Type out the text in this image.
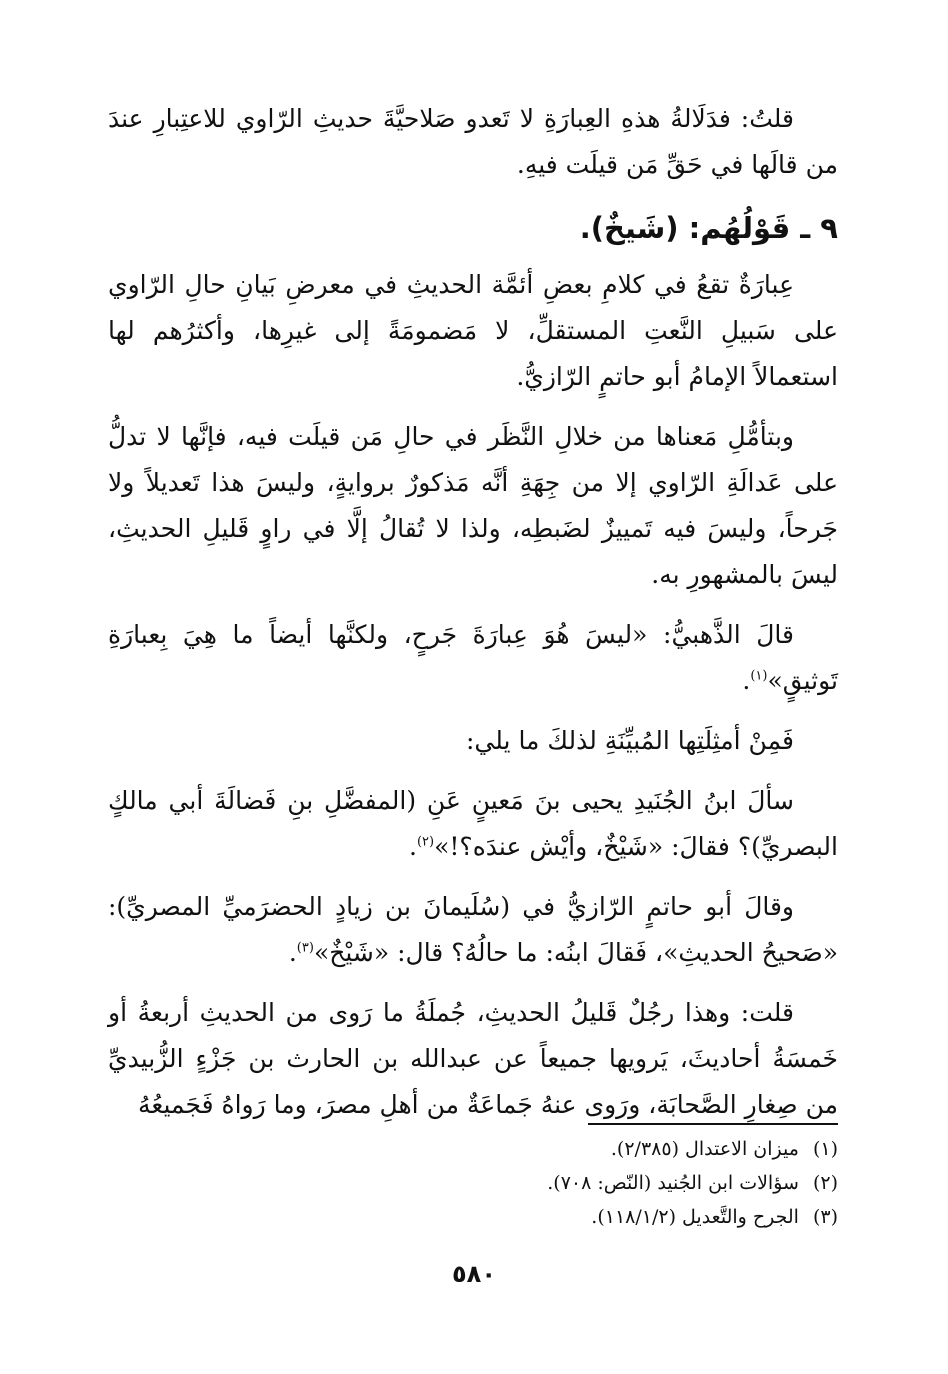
قلتُ: فدَلَالةُ هذهِ العِبارَةِ لا تَعدو صَلاحيَّةَ حديثِ الرّاوي للاعتِبارِ عندَ من قالَها في حَقِّ مَن قيلَت فيهِ.

٩ ـ قَوْلُهُم: (شَيخٌ).

عِبارَةٌ تقعُ في كلامِ بعضِ أئمَّة الحديثِ في معرضِ بَيانِ حالِ الرّاوي على سَبيلِ النَّعتِ المستقلِّ، لا مَضمومَةً إلى غيرِها، وأكثرُهم لها استعمالاً الإمامُ أبو حاتمٍ الرّازيُّ.

وبتأمُّلِ مَعناها من خلالِ النَّظَر في حالِ مَن قيلَت فيه، فإنَّها لا تدلُّ على عَدالَةِ الرّاوي إلا من جِهَةِ أنَّه مَذكورٌ بروايةٍ، وليسَ هذا تَعديلاً ولا جَرحاً، وليسَ فيه تَمييزٌ لضَبطِه، ولذا لا تُقالُ إلَّا في راوٍ قَليلِ الحديثِ، ليسَ بالمشهورِ به.

قالَ الذَّهبيُّ: «ليسَ هُوَ عِبارَةَ جَرحٍ، ولكنَّها أيضاً ما هِيَ بِعبارَةِ تَوثيقٍ»$^{(١)}$.

فَمِنْ أمثِلَتِها المُبيِّنَةِ لذلكَ ما يلي:

سألَ ابنُ الجُنَيدِ يحيى بنَ مَعينٍ عَنِ (المفضَّلِ بنِ فَضالَةَ أبي مالكٍ البصريِّ)؟ فقالَ: «شَيْخٌ، وأيْش عندَه؟!»$^{(٢)}$.

وقالَ أبو حاتمٍ الرّازيُّ في (سُلَيمانَ بن زيادٍ الحضرَميِّ المصريِّ): «صَحيحُ الحديثِ»، فَقالَ ابنُه: ما حالُهُ؟ قال: «شَيْخٌ»$^{(٣)}$.

قلت: وهذا رجُلٌ قَليلُ الحديثِ، جُملَةُ ما رَوى من الحديثِ أربعةُ أو خَمسَةُ أحاديثَ، يَرويها جميعاً عن عبدالله بن الحارث بن جَزْءٍ الزُّبيديِّ من صِغارِ الصَّحابَة، ورَوى عنهُ جَماعَةٌ من أهلِ مصرَ، وما رَواهُ فَجَميعُهُ

(١)ميزان الاعتدال (٢/٣٨٥).
(٢)سؤالات ابن الجُنيد (النّص: ٧٠٨).
(٣)الجرح والتَّعديل (١١٨/١/٢).
٥٨٠
